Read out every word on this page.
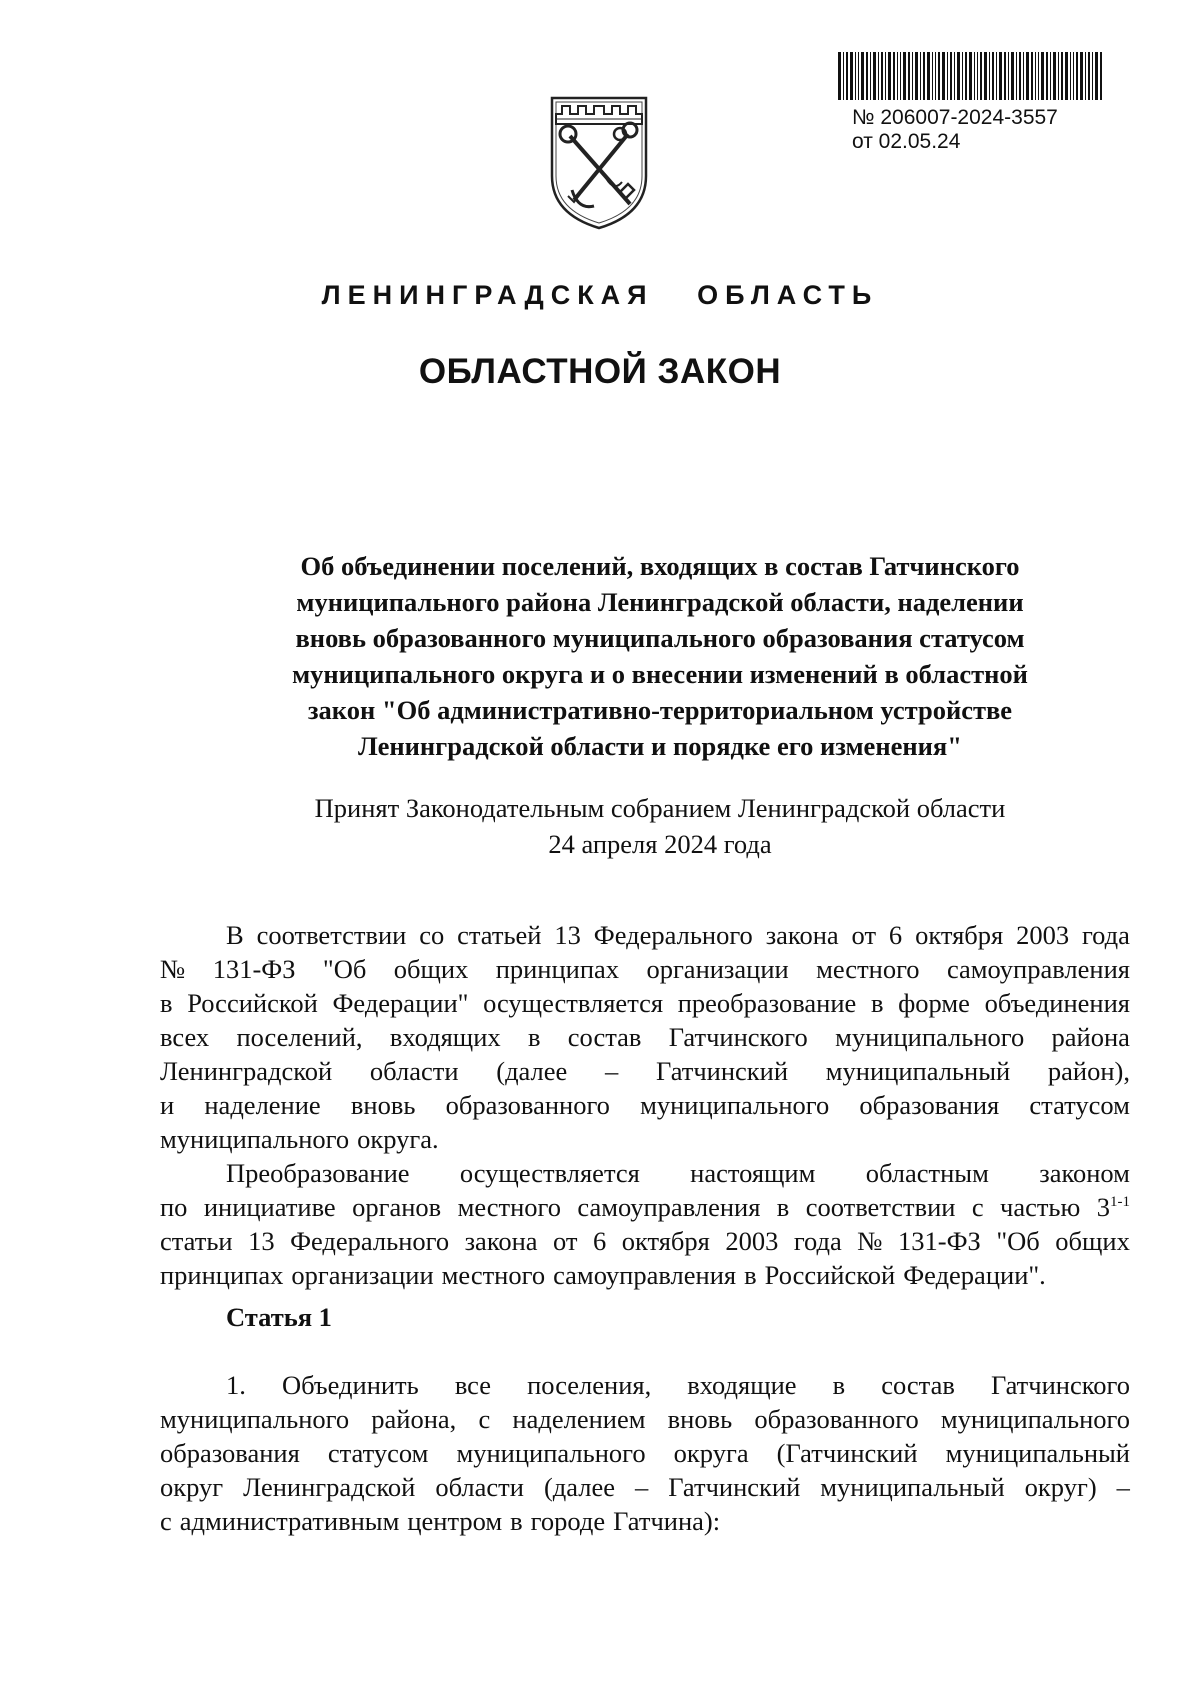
№ 206007-2024-3557
от 02.05.24
ЛЕНИНГРАДСКАЯ   ОБЛАСТЬ
ОБЛАСТНОЙ ЗАКОН
Об объединении поселений, входящих в состав Гатчинского
муниципального района Ленинградской области, наделении
вновь образованного муниципального образования статусом
муниципального округа и о внесении изменений в областной
закон "Об административно-территориальном устройстве
Ленинградской области и порядке его изменения"
Принят Законодательным собранием Ленинградской области
24 апреля 2024 года
В соответствии со статьей 13 Федерального закона от 6 октября 2003 года
№ 131-ФЗ "Об общих принципах организации местного самоуправления
в Российской Федерации" осуществляется преобразование в форме объединения
всех поселений, входящих в состав Гатчинского муниципального района
Ленинградской области (далее – Гатчинский муниципальный район),
и наделение вновь образованного муниципального образования статусом
муниципального округа.
Преобразование осуществляется настоящим областным законом
по инициативе органов местного самоуправления в соответствии с частью 3$^{1-1}$
статьи 13 Федерального закона от 6 октября 2003 года № 131-ФЗ "Об общих
принципах организации местного самоуправления в Российской Федерации".
Статья 1
1. Объединить все поселения, входящие в состав Гатчинского
муниципального района, с наделением вновь образованного муниципального
образования статусом муниципального округа (Гатчинский муниципальный
округ Ленинградской области (далее – Гатчинский муниципальный округ) –
с административным центром в городе Гатчина):
